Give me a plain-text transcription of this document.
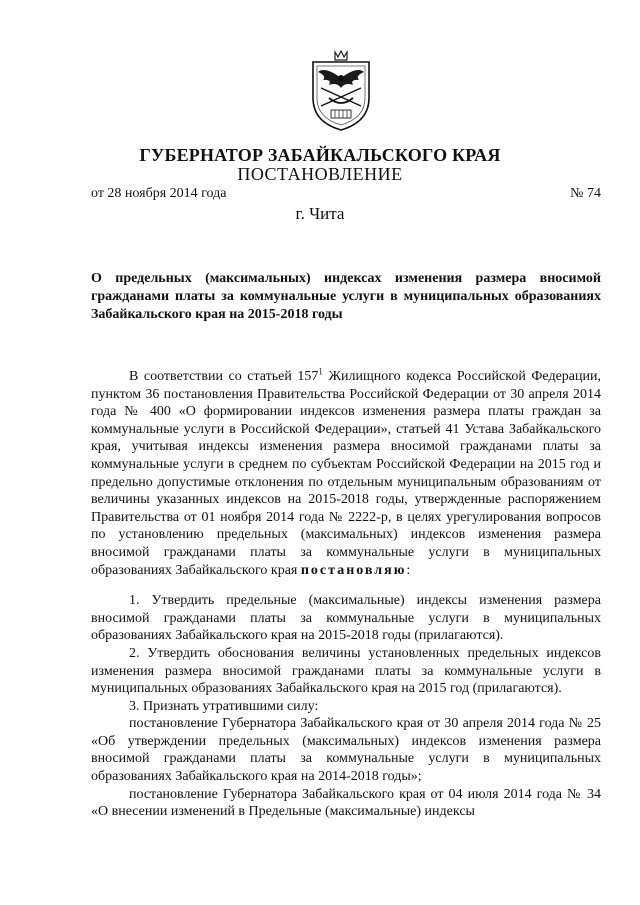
ГУБЕРНАТОР ЗАБАЙКАЛЬСКОГО КРАЯ
ПОСТАНОВЛЕНИЕ
от 28 ноября 2014 года	№ 74
г. Чита
О предельных (максимальных) индексах изменения размера вносимой гражданами платы за коммунальные услуги в муниципальных образованиях Забайкальского края на 2015-2018 годы

В соответствии со статьей $157^1$ Жилищного кодекса Российской Федерации, пунктом 36 постановления Правительства Российской Федерации от 30 апреля 2014 года № 400 «О формировании индексов изменения размера платы граждан за коммунальные услуги в Российской Федерации», статьей 41 Устава Забайкальского края, учитывая индексы изменения размера вносимой гражданами платы за коммунальные услуги в среднем по субъектам Российской Федерации на 2015 год и предельно допустимые отклонения по отдельным муниципальным образованиям от величины указанных индексов на 2015-2018 годы, утвержденные распоряжением Правительства от 01 ноября 2014 года № 2222-р, в целях урегулирования вопросов по установлению предельных (максимальных) индексов изменения размера вносимой гражданами платы за коммунальные услуги в муниципальных образованиях Забайкальского края постановляю:

1. Утвердить предельные (максимальные) индексы изменения размера вносимой гражданами платы за коммунальные услуги в муниципальных образованиях Забайкальского края на 2015-2018 годы (прилагаются).

2. Утвердить обоснования величины установленных предельных индексов изменения размера вносимой гражданами платы за коммунальные услуги в муниципальных образованиях Забайкальского края на 2015 год (прилагаются).

3. Признать утратившими силу:

постановление Губернатора Забайкальского края от 30 апреля 2014 года № 25 «Об утверждении предельных (максимальных) индексов изменения размера вносимой гражданами платы за коммунальные услуги в муниципальных образованиях Забайкальского края на 2014-2018 годы»;

постановление Губернатора Забайкальского края от 04 июля 2014 года № 34 «О внесении изменений в Предельные (максимальные) индексы
